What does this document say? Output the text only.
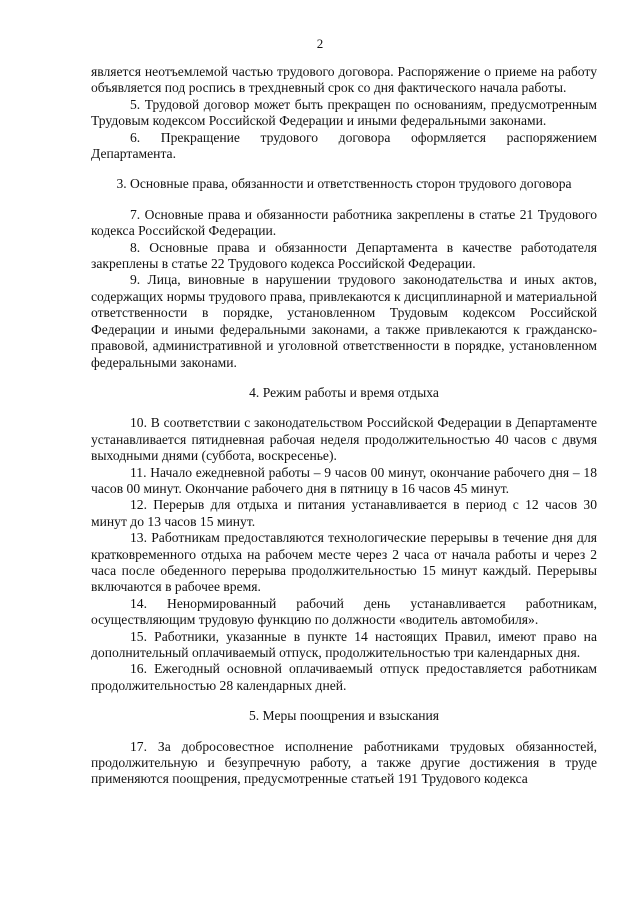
2

является неотъемлемой частью трудового договора. Распоряжение о приеме на работу объявляется под роспись в трехдневный срок со дня фактического начала работы.

5. Трудовой договор может быть прекращен по основаниям, предусмотренным Трудовым кодексом Российской Федерации и иными федеральными законами.

6. Прекращение трудового договора оформляется распоряжением Департамента.

3. Основные права, обязанности и ответственность сторон трудового договора

7. Основные права и обязанности работника закреплены в статье 21 Трудового кодекса Российской Федерации.

8. Основные права и обязанности Департамента в качестве работодателя закреплены в статье 22 Трудового кодекса Российской Федерации.

9. Лица, виновные в нарушении трудового законодательства и иных актов, содержащих нормы трудового права, привлекаются к дисциплинарной и материальной ответственности в порядке, установленном Трудовым кодексом Российской Федерации и иными федеральными законами, а также привлекаются к гражданско-правовой, административной и уголовной ответственности в порядке, установленном федеральными законами.

4. Режим работы и время отдыха

10. В соответствии с законодательством Российской Федерации в Департаменте устанавливается пятидневная рабочая неделя продолжительностью 40 часов с двумя выходными днями (суббота, воскресенье).

11. Начало ежедневной работы – 9 часов 00 минут, окончание рабочего дня – 18 часов 00 минут. Окончание рабочего дня в пятницу в 16 часов 45 минут.

12. Перерыв для отдыха и питания устанавливается в период с 12 часов 30 минут до 13 часов 15 минут.

13. Работникам предоставляются технологические перерывы в течение дня для кратковременного отдыха на рабочем месте через 2 часа от начала работы и через 2 часа после обеденного перерыва продолжительностью 15 минут каждый. Перерывы включаются в рабочее время.

14. Ненормированный рабочий день устанавливается работникам, осуществляющим трудовую функцию по должности «водитель автомобиля».

15. Работники, указанные в пункте 14 настоящих Правил, имеют право на дополнительный оплачиваемый отпуск, продолжительностью три календарных дня.

16. Ежегодный основной оплачиваемый отпуск предоставляется работникам продолжительностью 28 календарных дней.

5. Меры поощрения и взыскания

17. За добросовестное исполнение работниками трудовых обязанностей, продолжительную и безупречную работу, а также другие достижения в труде применяются поощрения, предусмотренные статьей 191 Трудового кодекса
